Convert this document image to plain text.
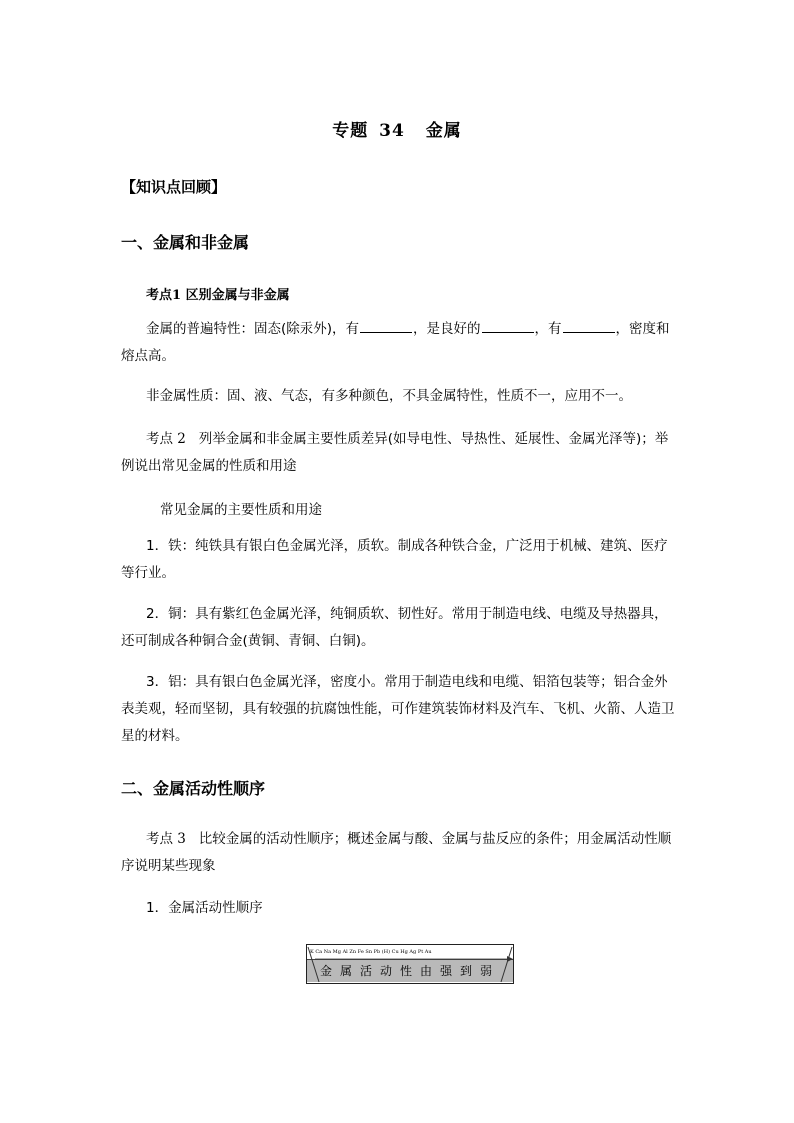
专题 34 金属
【知识点回顾】
一、金属和非金属
考点1 区别金属与非金属
金属的普遍特性：固态(除汞外)，有	，是良好的	，有	，密度和熔点高。
非金属性质：固、液、气态，有多种颜色，不具金属特性，性质不一，应用不一。
考点 2 列举金属和非金属主要性质差异(如导电性、导热性、延展性、金属光泽等)；举例说出常见金属的性质和用途
常见金属的主要性质和用途
1．铁：纯铁具有银白色金属光泽，质软。制成各种铁合金，广泛用于机械、建筑、医疗等行业。
2．铜：具有紫红色金属光泽，纯铜质软、韧性好。常用于制造电线、电缆及导热器具，还可制成各种铜合金(黄铜、青铜、白铜)。
3．铝：具有银白色金属光泽，密度小。常用于制造电线和电缆、铝箔包装等；铝合金外表美观，轻而坚韧，具有较强的抗腐蚀性能，可作建筑装饰材料及汽车、飞机、火箭、人造卫星的材料。
二、金属活动性顺序
考点 3 比较金属的活动性顺序；概述金属与酸、金属与盐反应的条件；用金属活动性顺序说明某些现象
1．金属活动性顺序
K Ca Na Mg Al Zn Fe Sn Pb (H) Cu Hg Ag Pt Au
金属活动性由强到弱
